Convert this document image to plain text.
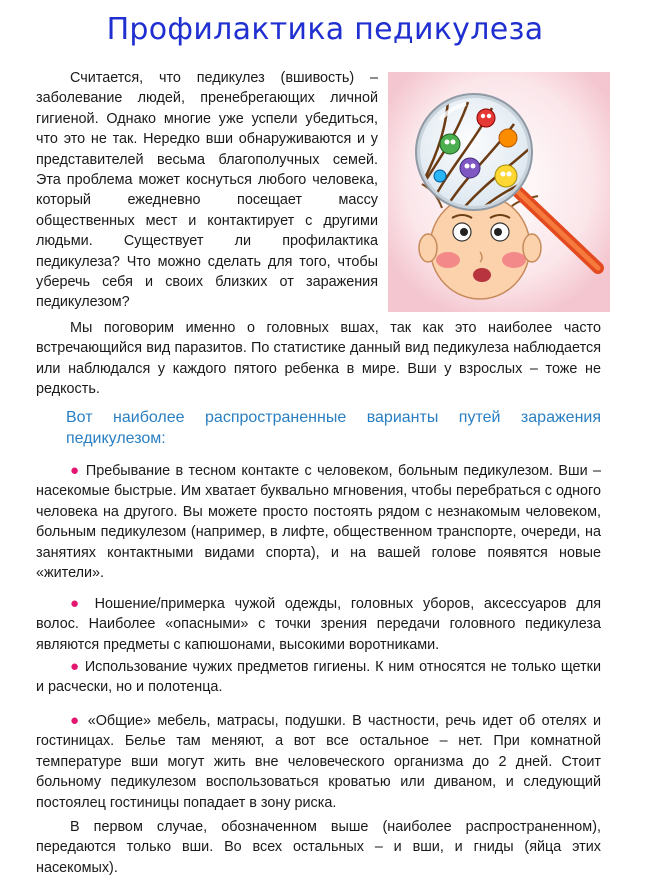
Профилактика педикулеза

Считается, что педикулез (вшивость) – заболевание людей, пренебрегающих личной гигиеной. Однако многие уже успели убедиться, что это не так. Нередко вши обнаруживаются и у представителей весьма благополучных семей. Эта проблема может коснуться любого человека, который ежедневно посещает массу общественных мест и контактирует с другими людьми. Существует ли профилактика педикулеза? Что можно сделать для того, чтобы уберечь себя и своих близких от заражения педикулезом?

Мы поговорим именно о головных вшах, так как это наиболее часто встречающийся вид паразитов. По статистике данный вид педикулеза наблюдается или наблюдался у каждого пятого ребенка в мире. Вши у взрослых – тоже не редкость.

Вот наиболее распространенные варианты путей заражения педикулезом:

● Пребывание в тесном контакте с человеком, больным педикулезом. Вши – насекомые быстрые. Им хватает буквально мгновения, чтобы перебраться с одного человека на другого. Вы можете просто постоять рядом с незнакомым человеком, больным педикулезом (например, в лифте, общественном транспорте, очереди, на занятиях контактными видами спорта), и на вашей голове появятся новые «жители».

● Ношение/примерка чужой одежды, головных уборов, аксессуаров для волос. Наиболее «опасными» с точки зрения передачи головного педикулеза являются предметы с капюшонами, высокими воротниками.

● Использование чужих предметов гигиены. К ним относятся не только щетки и расчески, но и полотенца.

● «Общие» мебель, матрасы, подушки. В частности, речь идет об отелях и гостиницах. Белье там меняют, а вот все остальное – нет. При комнатной температуре вши могут жить вне человеческого организма до 2 дней. Стоит больному педикулезом воспользоваться кроватью или диваном, и следующий постоялец гостиницы попадает в зону риска.

В первом случае, обозначенном выше (наиболее распространенном), передаются только вши. Во всех остальных – и вши, и гниды (яйца этих насекомых).
